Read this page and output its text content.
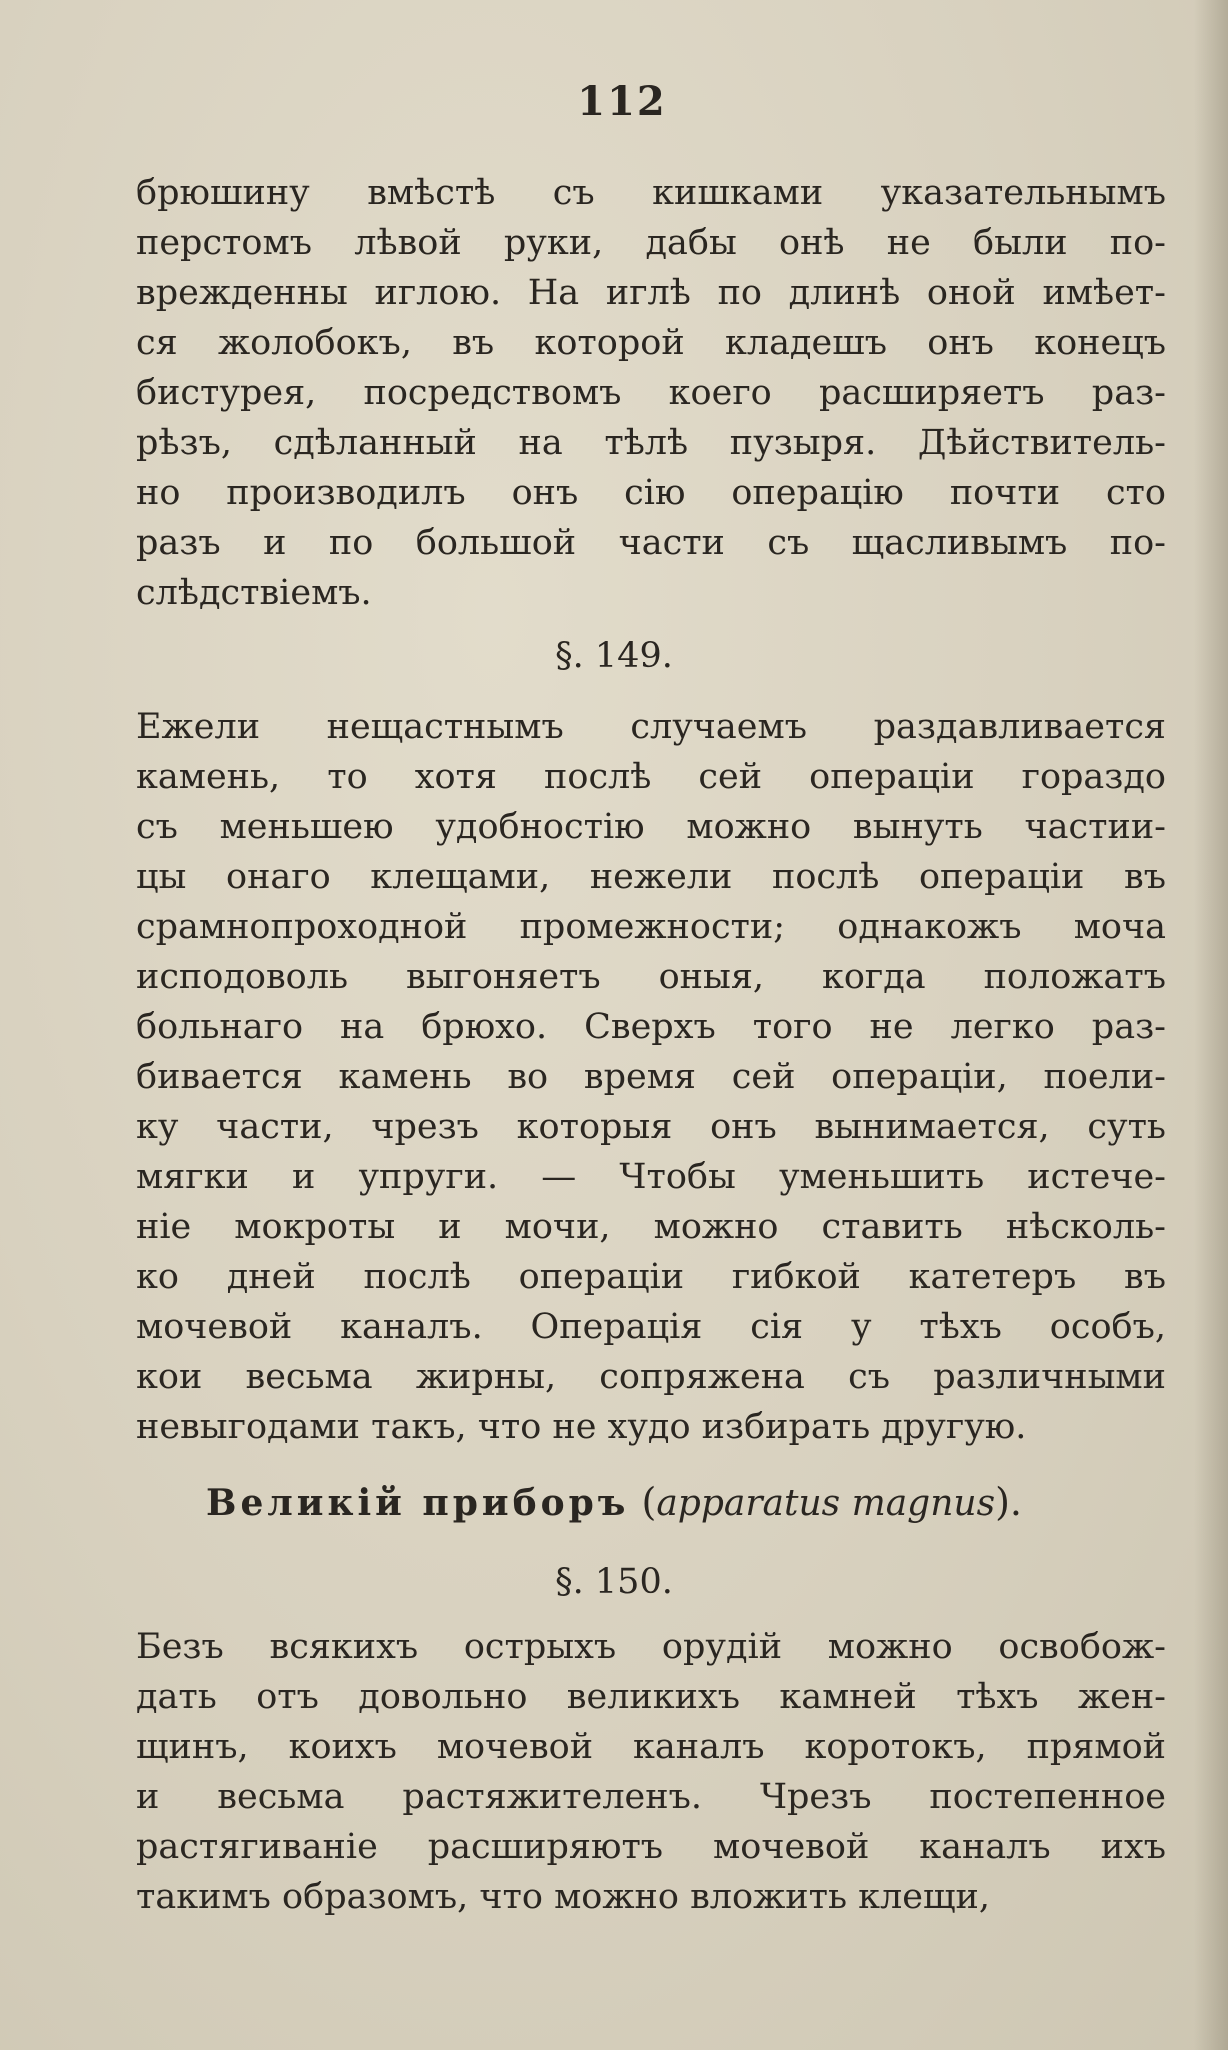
112
брюшину вмѣстѣ съ кишками указательнымъ
перстомъ лѣвой руки, дабы онѣ не были по-
врежденны иглою. На иглѣ по длинѣ оной имѣет-
ся жолобокъ, въ которой кладешъ онъ конецъ
бистурея, посредствомъ коего расширяетъ раз-
рѣзъ, сдѣланный на тѣлѣ пузыря. Дѣйствитель-
но производилъ онъ сію операцію почти сто
разъ и по большой части съ щасливымъ по-
слѣдствіемъ.
§. 149.
Ежели нещастнымъ случаемъ раздавливается
камень, то хотя послѣ сей операціи гораздо
съ меньшею удобностію можно вынуть частии-
цы онаго клещами, нежели послѣ операціи въ
срамнопроходной промежности; однакожъ моча
исподоволь выгоняетъ оныя, когда положатъ
больнаго на брюхо. Сверхъ того не легко раз-
бивается камень во время сей операціи, поели-
ку части, чрезъ которыя онъ вынимается, суть
мягки и упруги. — Чтобы уменьшить истече-
ніе мокроты и мочи, можно ставить нѣсколь-
ко дней послѣ операціи гибкой катетеръ въ
мочевой каналъ. Операція сія у тѣхъ особъ,
кои весьма жирны, сопряжена съ различными
невыгодами такъ, что не худо избирать другую.
Великій приборъ (apparatus magnus).
§. 150.
Безъ всякихъ острыхъ орудій можно освобож-
дать отъ довольно великихъ камней тѣхъ жен-
щинъ, коихъ мочевой каналъ коротокъ, прямой
и весьма растяжителенъ. Чрезъ постепенное
растягиваніе расширяютъ мочевой каналъ ихъ
такимъ образомъ, что можно вложить клещи,
